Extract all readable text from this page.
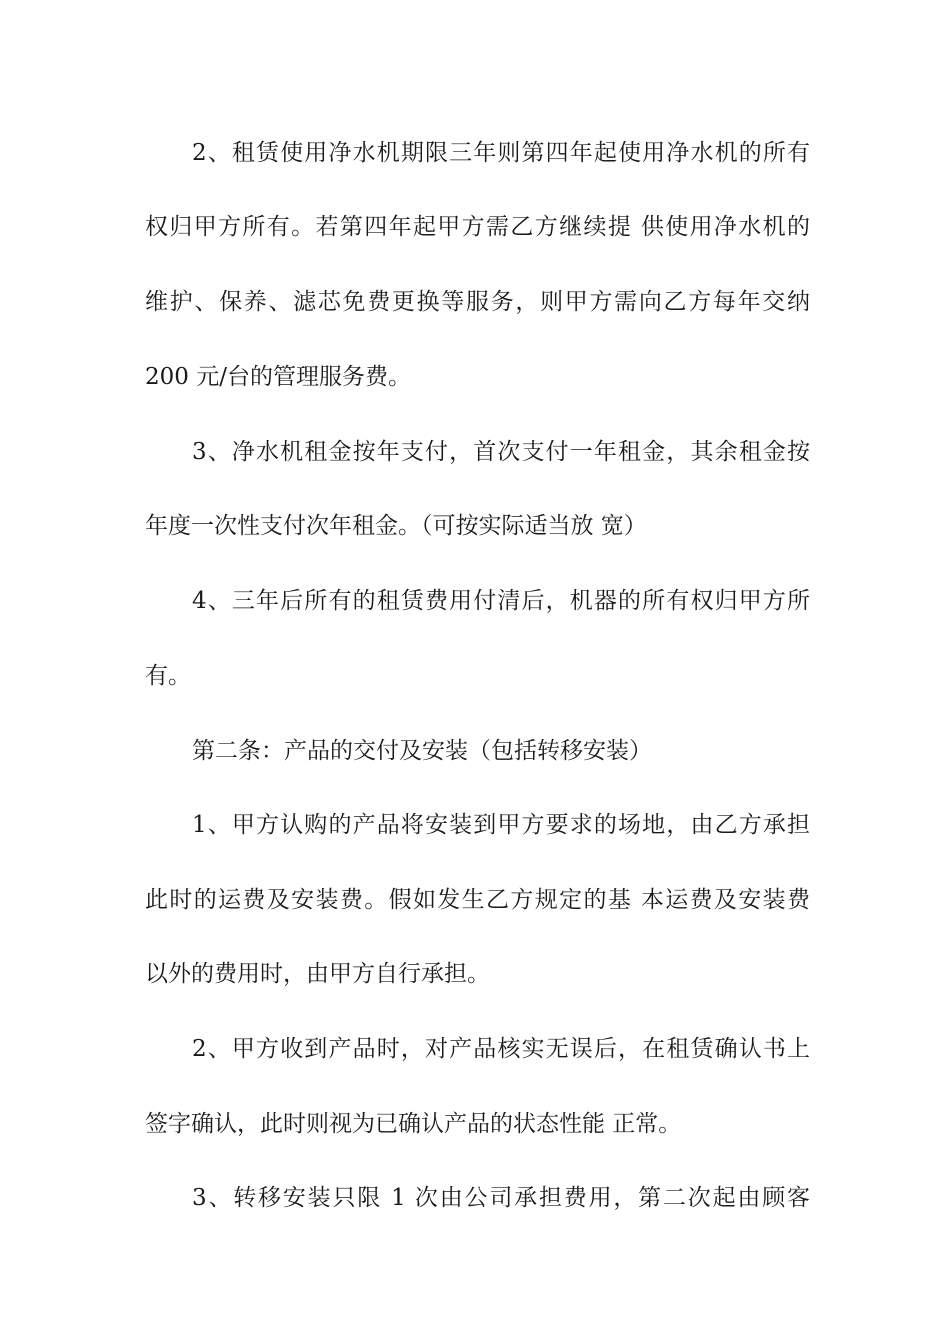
2、租赁使用净水机期限三年则第四年起使用净水机的所有

权归甲方所有。若第四年起甲方需乙方继续提 供使用净水机的

维护、保养、滤芯免费更换等服务，则甲方需向乙方每年交纳

200 元/台的管理服务费。

3、净水机租金按年支付，首次支付一年租金，其余租金按

年度一次性支付次年租金。（可按实际适当放 宽）

4、三年后所有的租赁费用付清后，机器的所有权归甲方所

有。

第二条：产品的交付及安装（包括转移安装）

1、甲方认购的产品将安装到甲方要求的场地，由乙方承担

此时的运费及安装费。假如发生乙方规定的基 本运费及安装费

以外的费用时，由甲方自行承担。

2、甲方收到产品时，对产品核实无误后，在租赁确认书上

签字确认，此时则视为已确认产品的状态性能 正常。

3、转移安装只限 1 次由公司承担费用，第二次起由顾客
